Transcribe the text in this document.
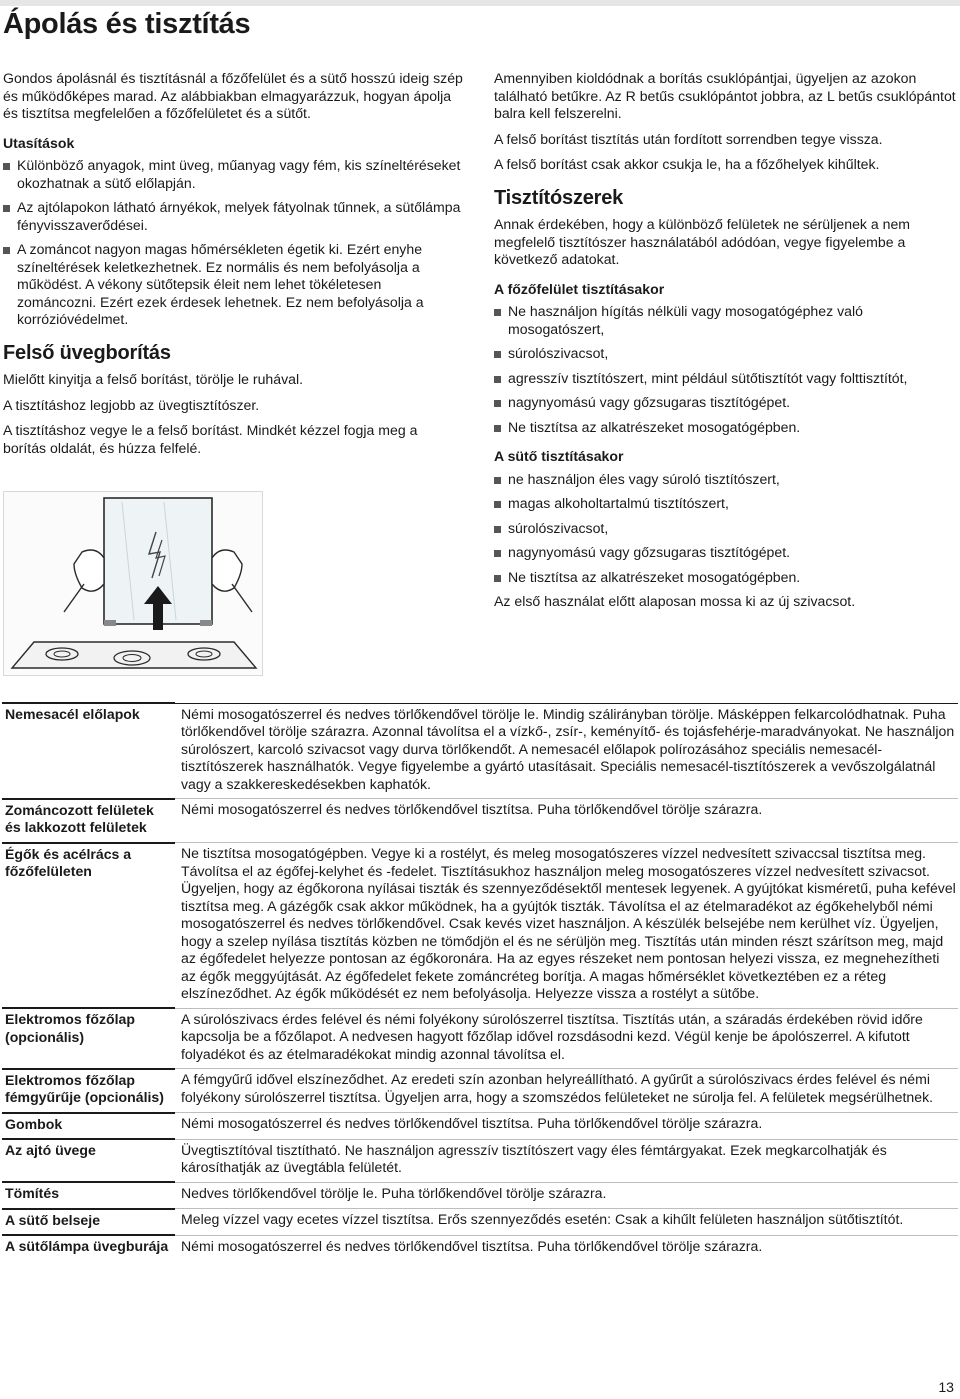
Ápolás és tisztítás

Gondos ápolásnál és tisztításnál a főzőfelület és a sütő hosszú ideig szép és működőképes marad. Az alábbiakban elmagyarázzuk, hogyan ápolja és tisztítsa megfelelően a főzőfelületet és a sütőt.

Utasítások
Különböző anyagok, mint üveg, műanyag vagy fém, kis színeltéréseket okozhatnak a sütő előlapján.
Az ajtólapokon látható árnyékok, melyek fátyolnak tűnnek, a sütőlámpa fényvisszaverődései.
A zománcot nagyon magas hőmérsékleten égetik ki. Ezért enyhe színeltérések keletkezhetnek. Ez normális és nem befolyásolja a működést. A vékony sütőtepsik éleit nem lehet tökéletesen zománcozni. Ezért ezek érdesek lehetnek. Ez nem befolyásolja a korrózióvédelmet.
Felső üvegborítás

Mielőtt kinyitja a felső borítást, törölje le ruhával.

A tisztításhoz legjobb az üvegtisztítószer.

A tisztításhoz vegye le a felső borítást. Mindkét kézzel fogja meg a borítás oldalát, és húzza felfelé.

Amennyiben kioldódnak a borítás csuklópántjai, ügyeljen az azokon található betűkre. Az R betűs csuklópántot jobbra, az L betűs csuklópántot balra kell felszerelni.

A felső borítást tisztítás után fordított sorrendben tegye vissza.

A felső borítást csak akkor csukja le, ha a főzőhelyek kihűltek.

Tisztítószerek

Annak érdekében, hogy a különböző felületek ne sérüljenek a nem megfelelő tisztítószer használatából adódóan, vegye figyelembe a következő adatokat.

A főzőfelület tisztításakor
Ne használjon hígítás nélküli vagy mosogatógéphez való mosogatószert,
súrolószivacsot,
agresszív tisztítószert, mint például sütőtisztítót vagy folttisztítót,
nagynyomású vagy gőzsugaras tisztítógépet.
Ne tisztítsa az alkatrészeket mosogatógépben.
A sütő tisztításakor
ne használjon éles vagy súroló tisztítószert,
magas alkoholtartalmú tisztítószert,
súrolószivacsot,
nagynyomású vagy gőzsugaras tisztítógépet.
Ne tisztítsa az alkatrészeket mosogatógépben.

Az első használat előtt alaposan mossa ki az új szivacsot.

Nemesacél előlapok	Némi mosogatószerrel és nedves törlőkendővel törölje le. Mindig szálirányban törölje. Másképpen felkarcolódhatnak. Puha törlőkendővel törölje szárazra. Azonnal távolítsa el a vízkő-, zsír-, keményítő- és tojásfehérje-maradványokat. Ne használjon súrolószert, karcoló szivacsot vagy durva törlőkendőt. A nemesacél előlapok polírozásához speciális nemesacél-tisztítószerek használhatók. Vegye figyelembe a gyártó utasításait. Speciális nemesacél-tisztítószerek a vevőszolgálatnál vagy a szakkereskedésekben kaphatók.
Zománcozott felületek és lakkozott felületek	Némi mosogatószerrel és nedves törlőkendővel tisztítsa. Puha törlőkendővel törölje szárazra.
Égők és acélrács a főzőfelületen	Ne tisztítsa mosogatógépben. Vegye ki a rostélyt, és meleg mosogatószeres vízzel nedvesített szivaccsal tisztítsa meg. Távolítsa el az égőfej-kelyhet és -fedelet. Tisztításukhoz használjon meleg mosogatószeres vízzel nedvesített szivacsot. Ügyeljen, hogy az égőkorona nyílásai tiszták és szennyeződésektől mentesek legyenek. A gyújtókat kisméretű, puha kefével tisztítsa meg. A gázégők csak akkor működnek, ha a gyújtók tiszták. Távolítsa el az ételmaradékot az égőkehelyből némi mosogatószerrel és nedves törlőkendővel. Csak kevés vizet használjon. A készülék belsejébe nem kerülhet víz. Ügyeljen, hogy a szelep nyílása tisztítás közben ne tömődjön el és ne sérüljön meg. Tisztítás után minden részt szárítson meg, majd az égőfedelet helyezze pontosan az égőkoronára. Ha az egyes részeket nem pontosan helyezi vissza, ez megnehezítheti az égők meggyújtását. Az égőfedelet fekete zománcréteg borítja. A magas hőmérséklet következtében ez a réteg elszíneződhet. Az égők működését ez nem befolyásolja. Helyezze vissza a rostélyt a sütőbe.
Elektromos főzőlap (opcionális)	A súrolószivacs érdes felével és némi folyékony súrolószerrel tisztítsa. Tisztítás után, a száradás érdekében rövid időre kapcsolja be a főzőlapot. A nedvesen hagyott főzőlap idővel rozsdásodni kezd. Végül kenje be ápolószerrel. A kifutott folyadékot és az ételmaradékokat mindig azonnal távolítsa el.
Elektromos főzőlap fémgyűrűje (opcionális)	A fémgyűrű idővel elszíneződhet. Az eredeti szín azonban helyreállítható. A gyűrűt a súrolószivacs érdes felével és némi folyékony súrolószerrel tisztítsa. Ügyeljen arra, hogy a szomszédos felületeket ne súrolja fel. A felületek megsérülhetnek.
Gombok	Némi mosogatószerrel és nedves törlőkendővel tisztítsa. Puha törlőkendővel törölje szárazra.
Az ajtó üvege	Üvegtisztítóval tisztítható. Ne használjon agresszív tisztítószert vagy éles fémtárgyakat. Ezek megkarcolhatják és károsíthatják az üvegtábla felületét.
Tömítés	Nedves törlőkendővel törölje le. Puha törlőkendővel törölje szárazra.
A sütő belseje	Meleg vízzel vagy ecetes vízzel tisztítsa. Erős szennyeződés esetén: Csak a kihűlt felületen használjon sütőtisztítót.
A sütőlámpa üvegburája	Némi mosogatószerrel és nedves törlőkendővel tisztítsa. Puha törlőkendővel törölje szárazra.
13
